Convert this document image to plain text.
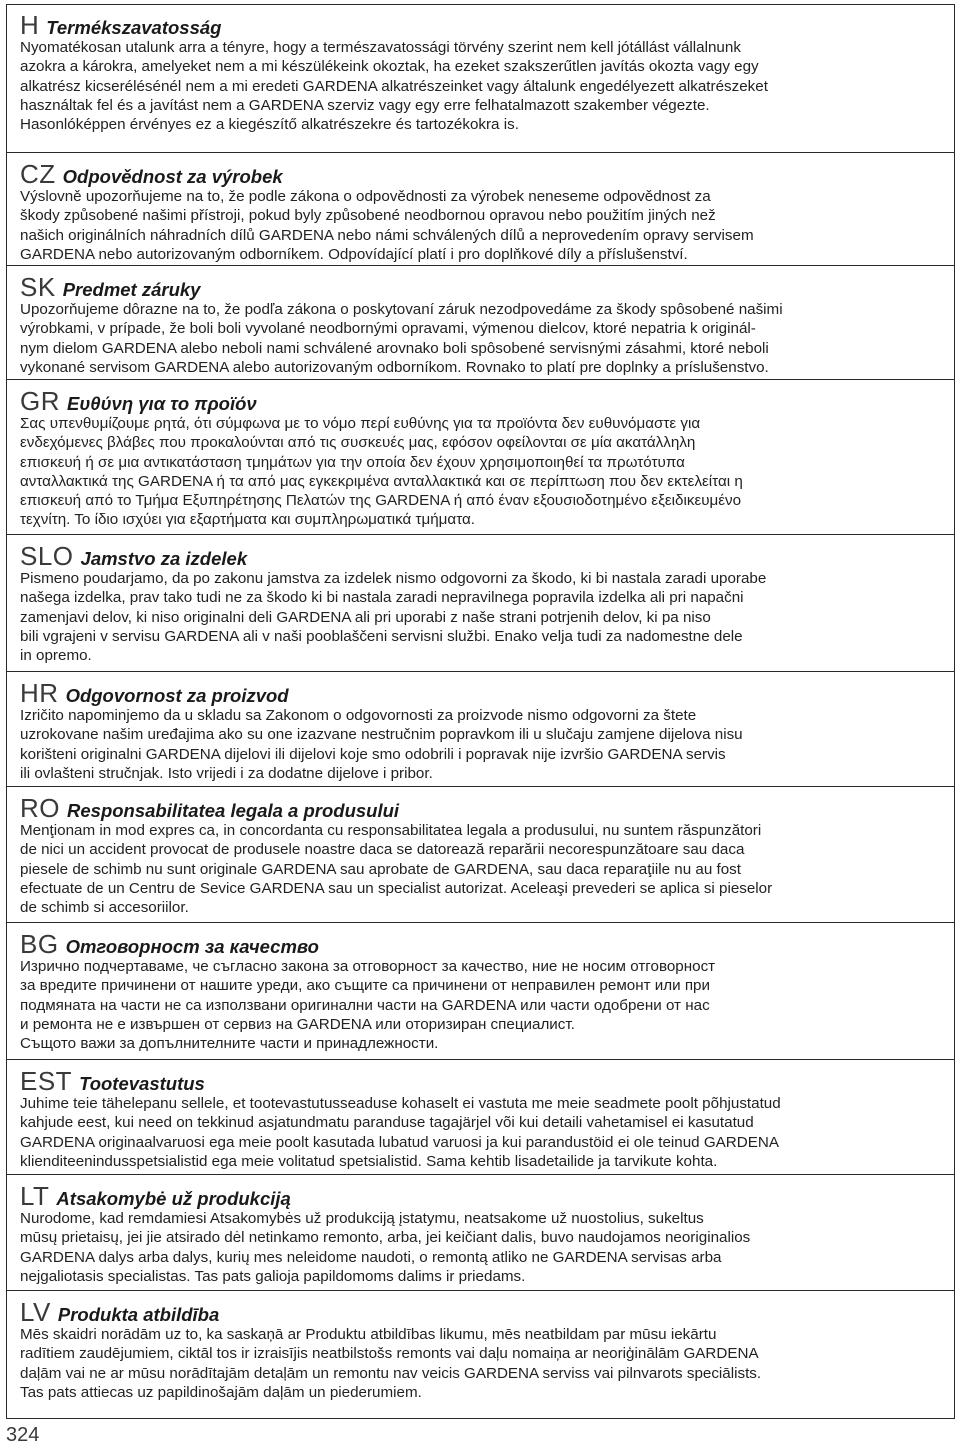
H Termékszavatosság

Nyomatékosan utalunk arra a tényre, hogy a természavatossági törvény szerint nem kell jótállást vállalnunk
azokra a károkra, amelyeket nem a mi készülékeink okoztak, ha ezeket szakszerűtlen javítás okozta vagy egy
alkatrész kicserélésénél nem a mi eredeti GARDENA alkatrészeinket vagy általunk engedélyezett alkatrészeket
használtak fel és a javítást nem a GARDENA szerviz vagy egy erre felhatalmazott szakember végezte.
Hasonlóképpen érvényes ez a kiegészítő alkatrészekre és tartozékokra is.

CZ Odpovědnost za výrobek

Výslovně upozorňujeme na to, že podle zákona o odpovědnosti za výrobek neneseme odpovědnost za
škody způsobené našimi přístroji, pokud byly způsobené neodbornou opravou nebo použitím jiných než
našich originálních náhradních dílů GARDENA nebo námi schválených dílů a neprovedením opravy servisem
GARDENA nebo autorizovaným odborníkem. Odpovídající platí i pro doplňkové díly a příslušenství.

SK Predmet záruky

Upozorňujeme dôrazne na to, že podľa zákona o poskytovaní záruk nezodpovedáme za škody spôsobené našimi
výrobkami, v prípade, že boli boli vyvolané neodbornými opravami, výmenou dielcov, ktoré nepatria k originál-
nym dielom GARDENA alebo neboli nami schválené arovnako boli spôsobené servisnými zásahmi, ktoré neboli
vykonané servisom GARDENA alebo autorizovaným odborníkom. Rovnako to platí pre doplnky a príslušenstvo.

GR Ευθύνη για το προϊόν

Σας υπενθυμίζουμε ρητά, ότι σύμφωνα με το νόμο περί ευθύνης για τα προϊόντα δεν ευθυνόμαστε για
ενδεχόμενες βλάβες που προκαλούνται από τις συσκευές μας, εφόσον οφείλονται σε μία ακατάλληλη
επισκευή ή σε μια αντικατάσταση τμημάτων για την οποία δεν έχουν χρησιμοποιηθεί τα πρωτότυπα
ανταλλακτικά της GARDENA ή τα από μας εγκεκριμένα ανταλλακτικά και σε περίπτωση που δεν εκτελείται η
επισκευή από το Τμήμα Εξυπηρέτησης Πελατών της GARDENA ή από έναν εξουσιοδοτημένο εξειδικευμένο
τεχνίτη. Το ίδιο ισχύει για εξαρτήματα και συμπληρωματικά τμήματα.

SLO Jamstvo za izdelek

Pismeno poudarjamo, da po zakonu jamstva za izdelek nismo odgovorni za škodo, ki bi nastala zaradi uporabe
našega izdelka, prav tako tudi ne za škodo ki bi nastala zaradi nepravilnega popravila izdelka ali pri napačni
zamenjavi delov, ki niso originalni deli GARDENA ali pri uporabi z naše strani potrjenih delov, ki pa niso
bili vgrajeni v servisu GARDENA ali v naši pooblaščeni servisni službi. Enako velja tudi za nadomestne dele
in opremo.

HR Odgovornost za proizvod

Izričito napominjemo da u skladu sa Zakonom o odgovornosti za proizvode nismo odgovorni za štete
uzrokovane našim uređajima ako su one izazvane nestručnim popravkom ili u slučaju zamjene dijelova nisu
korišteni originalni GARDENA dijelovi ili dijelovi koje smo odobrili i popravak nije izvršio GARDENA servis
ili ovlašteni stručnjak. Isto vrijedi i za dodatne dijelove i pribor.

RO Responsabilitatea legala a produsului

Menţionam in mod expres ca, in concordanta cu responsabilitatea legala a produsului, nu suntem răspunzători
de nici un accident provocat de produsele noastre daca se datorează reparării necorespunzătoare sau daca
piesele de schimb nu sunt originale GARDENA sau aprobate de GARDENA, sau daca reparaţiile nu au fost
efectuate de un Centru de Sevice GARDENA sau un specialist autorizat. Aceleaşi prevederi se aplica si pieselor
de schimb si accesoriilor.

BG Отговорност за качество

Изрично подчертаваме, че съгласно закона за отговорност за качество, ние не носим отговорност
за вредите причинени от нашите уреди, ако същите са причинени от неправилен ремонт или при
подмяната на части не са използвани оригинални части на GARDENA или части одобрени от нас
и ремонта не е извършен от сервиз на GARDENA или оторизиран специалист.
Същото важи за допълнителните части и принадлежности.

EST Tootevastutus

Juhime teie tähelepanu sellele, et tootevastutusseaduse kohaselt ei vastuta me meie seadmete poolt põhjustatud
kahjude eest, kui need on tekkinud asjatundmatu paranduse tagajärjel või kui detaili vahetamisel ei kasutatud
GARDENA originaalvaruosi ega meie poolt kasutada lubatud varuosi ja kui parandustöid ei ole teinud GARDENA
klienditeenindusspetsialistid ega meie volitatud spetsialistid. Sama kehtib lisadetailide ja tarvikute kohta.

LT Atsakomybė už produkciją

Nurodome, kad remdamiesi Atsakomybės už produkciją įstatymu, neatsakome už nuostolius, sukeltus
mūsų prietaisų, jei jie atsirado dėl netinkamo remonto, arba, jei keičiant dalis, buvo naudojamos neoriginalios
GARDENA dalys arba dalys, kurių mes neleidome naudoti, o remontą atliko ne GARDENA servisas arba
nejgaliotasis specialistas. Tas pats galioja papildomoms dalims ir priedams.

LV Produkta atbildība

Mēs skaidri norādām uz to, ka saskaņā ar Produktu atbildības likumu, mēs neatbildam par mūsu iekārtu
radītiem zaudējumiem, ciktāl tos ir izraisījis neatbilstošs remonts vai daļu nomaiņa ar neoriģinālām GARDENA
daļām vai ne ar mūsu norādītajām detaļām un remontu nav veicis GARDENA serviss vai pilnvarots speciālists.
Tas pats attiecas uz papildinošajām daļām un piederumiem.

324
